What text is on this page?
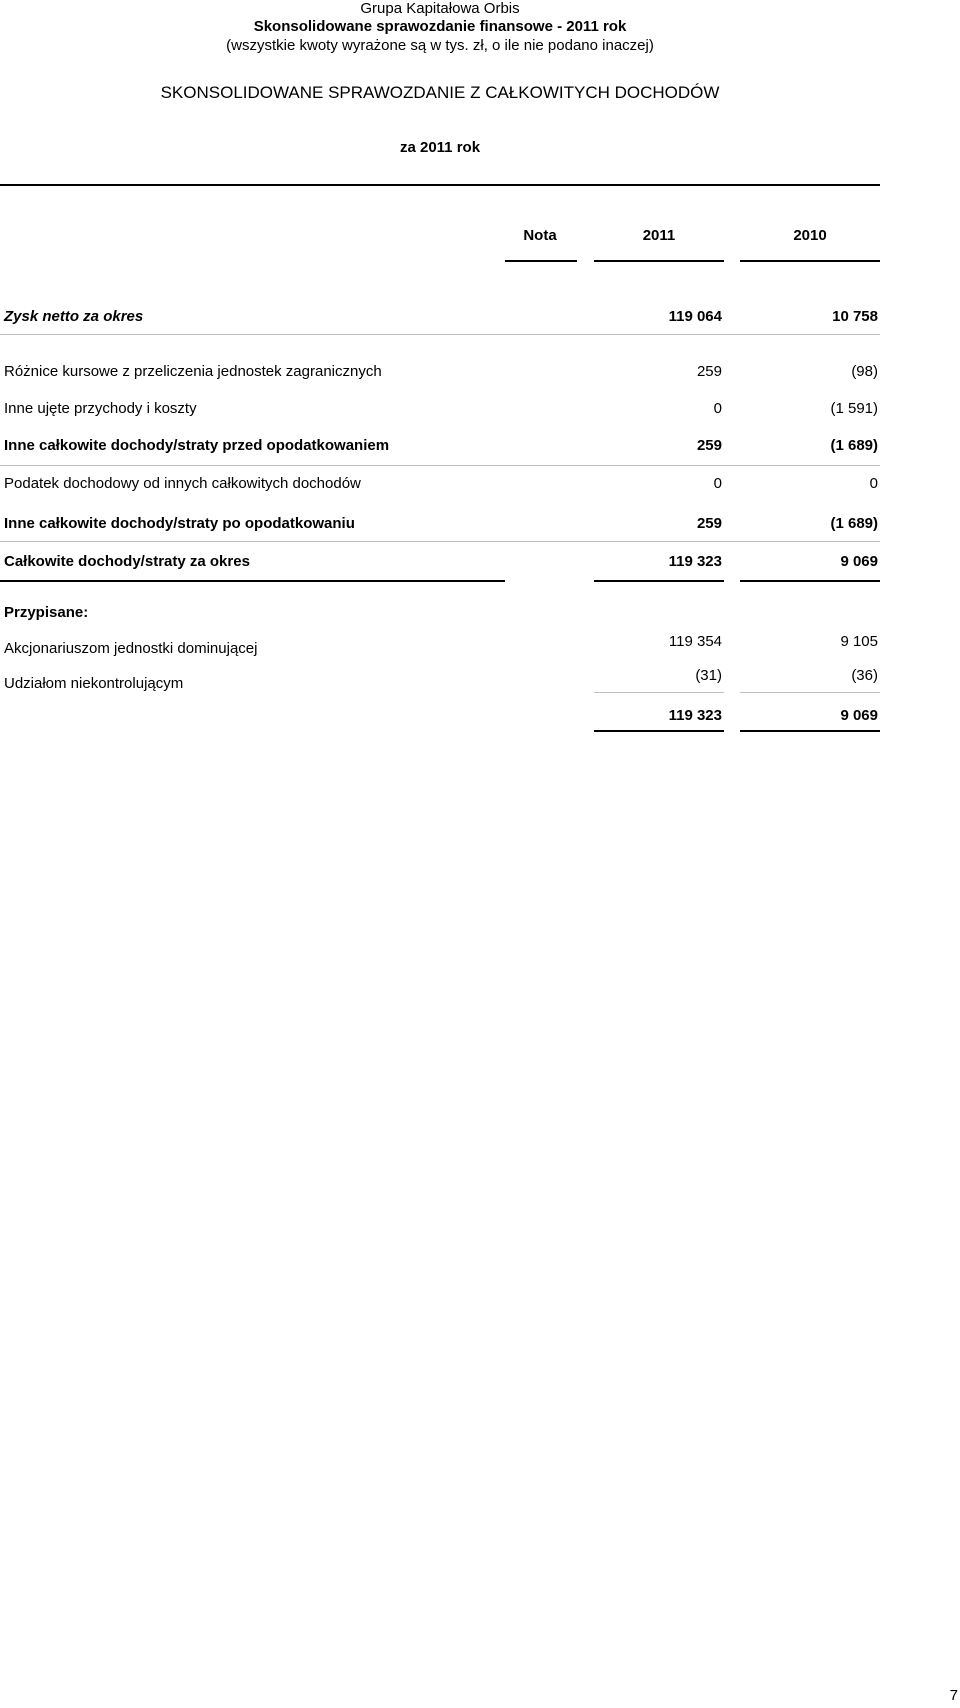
Grupa Kapitałowa Orbis
Skonsolidowane sprawozdanie finansowe - 2011 rok
(wszystkie kwoty wyrażone są w tys. zł, o ile nie podano inaczej)
SKONSOLIDOWANE SPRAWOZDANIE Z CAŁKOWITYCH DOCHODÓW
za 2011 rok
Nota	2011	2010
Zysk netto za okres	119 064	10 758
Różnice kursowe z przeliczenia jednostek zagranicznych	259	(98)
Inne ujęte przychody i koszty	0	(1 591)
Inne całkowite dochody/straty przed opodatkowaniem	259	(1 689)
Podatek dochodowy od innych całkowitych dochodów	0	0
Inne całkowite dochody/straty po opodatkowaniu	259	(1 689)
Całkowite dochody/straty za okres	119 323	9 069
Przypisane:
Akcjonariuszom jednostki dominującej	119 354	9 105
Udziałom niekontrolującym	(31)	(36)
119 323	9 069
7
